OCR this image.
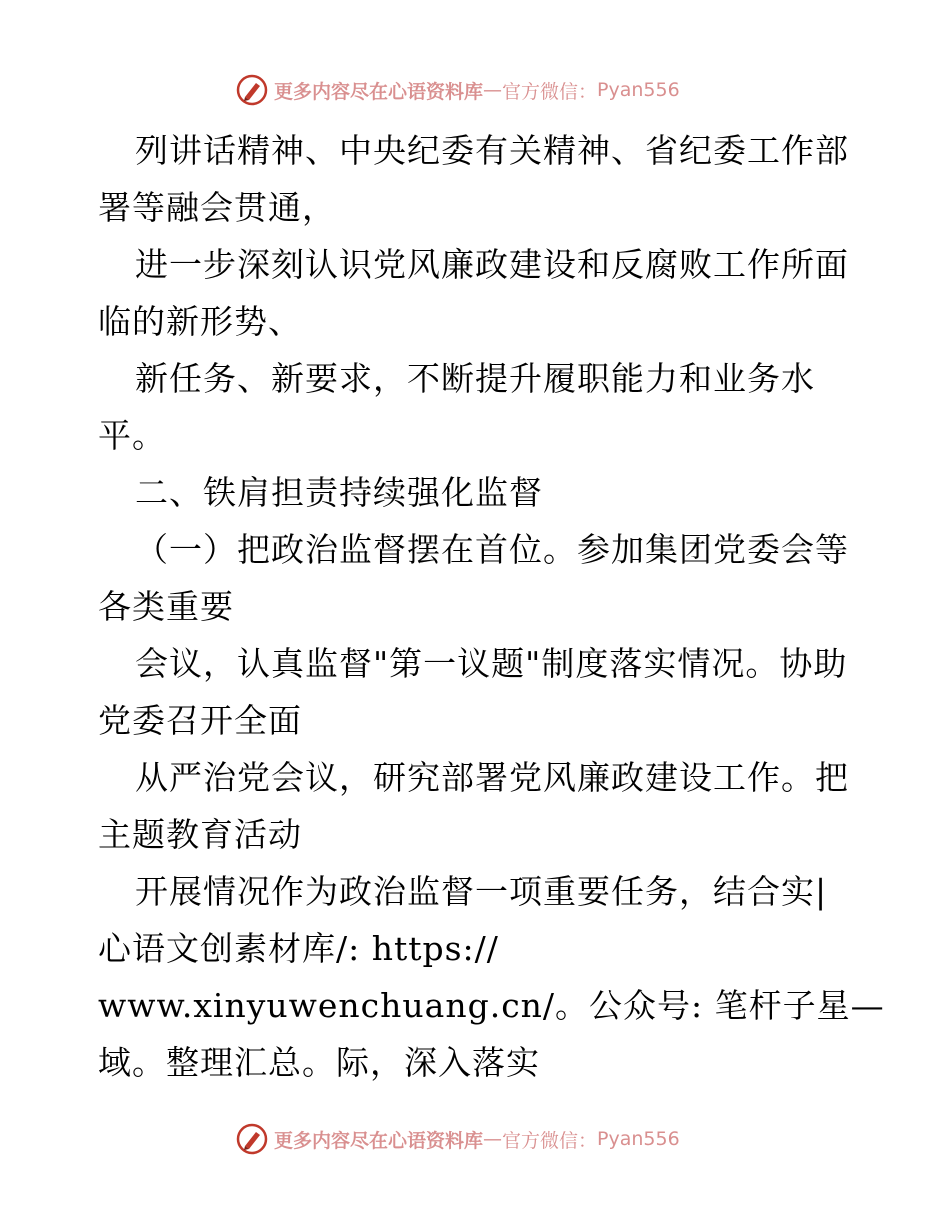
更多内容尽在心语资料库 — 官方微信： Pyan556
列讲话精神、中央纪委有关精神、省纪委工作部
署等融会贯通，
进一步深刻认识党风廉政建设和反腐败工作所面
临的新形势、
新任务、新要求，不断提升履职能力和业务水
平。
二、铁肩担责持续强化监督
（一）把政治监督摆在首位。参加集团党委会等
各类重要
会议，认真监督"第一议题"制度落实情况。协助
党委召开全面
从严治党会议，研究部署党风廉政建设工作。把
主题教育活动
开展情况作为政治监督一项重要任务，结合实|
心语文创素材库/: https://
www.xinyuwenchuang.cn/。公众号: 笔杆子星—
域。整理汇总。际，深入落实
更多内容尽在心语资料库 — 官方微信： Pyan556
